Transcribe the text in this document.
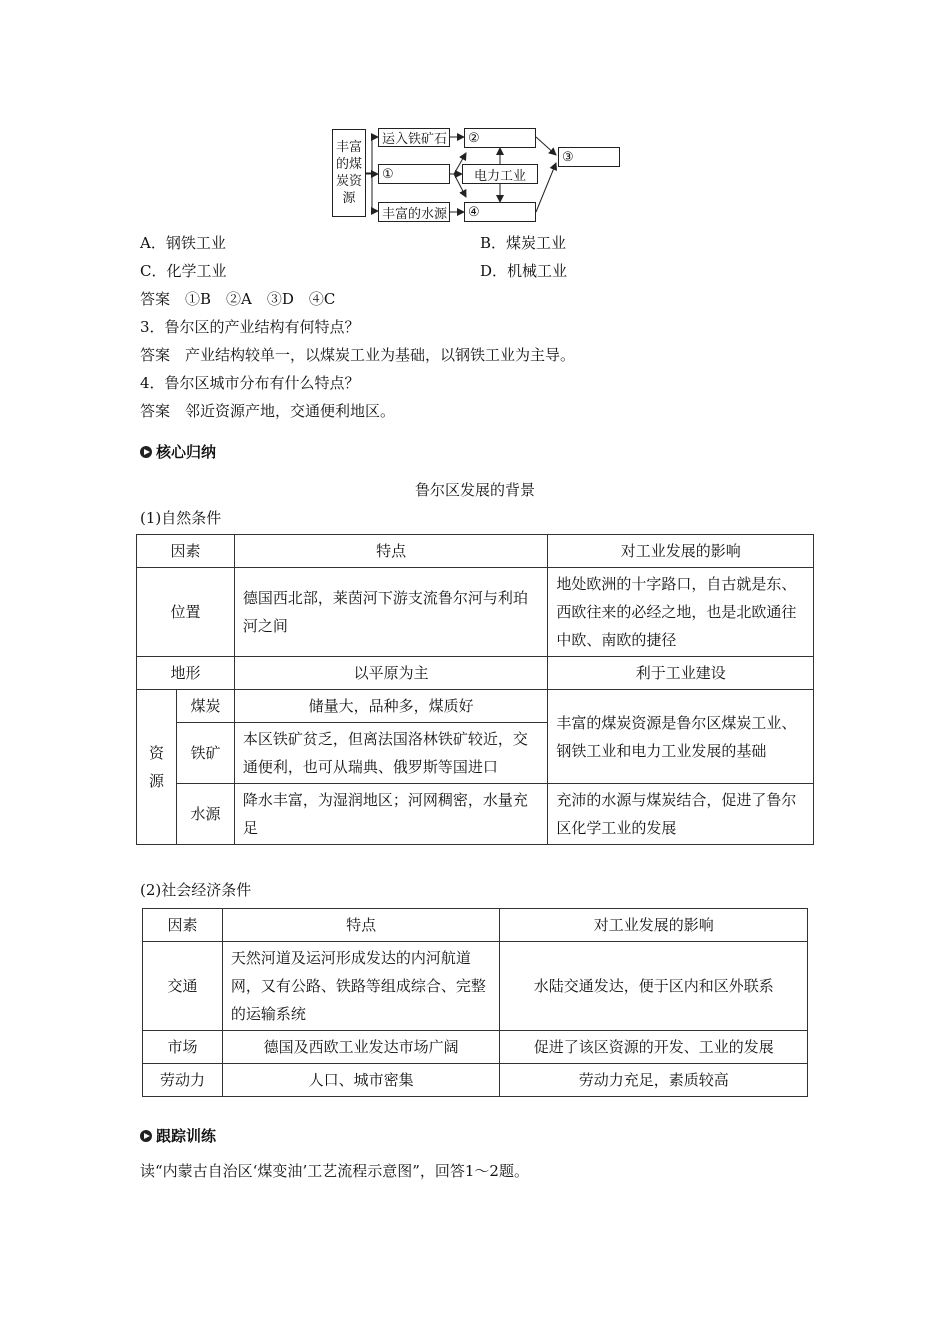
丰富的煤炭资源
运入铁矿石	②
①	电力工业
丰富的水源	④
③
A．钢铁工业	B．煤炭工业
C．化学工业	D．机械工业
答案　①B　②A　③D　④C
3．鲁尔区的产业结构有何特点？
答案　产业结构较单一，以煤炭工业为基础，以钢铁工业为主导。
4．鲁尔区城市分布有什么特点？
答案　邻近资源产地，交通便利地区。
核心归纳
鲁尔区发展的背景
(1)自然条件
因素		特点	对工业发展的影响
位置		德国西北部，莱茵河下游支流鲁尔河与利珀河之间	地处欧洲的十字路口，自古就是东、西欧往来的必经之地，也是北欧通往中欧、南欧的捷径
地形		以平原为主	利于工业建设
资源	煤炭	储量大，品种多，煤质好	丰富的煤炭资源是鲁尔区煤炭工业、钢铁工业和电力工业发展的基础
	铁矿	本区铁矿贫乏，但离法国洛林铁矿较近，交通便利，也可从瑞典、俄罗斯等国进口	
	水源	降水丰富，为湿润地区；河网稠密，水量充足	充沛的水源与煤炭结合，促进了鲁尔区化学工业的发展
(2)社会经济条件
因素	特点	对工业发展的影响
交通	天然河道及运河形成发达的内河航道网，又有公路、铁路等组成综合、完整的运输系统	水陆交通发达，便于区内和区外联系
市场	德国及西欧工业发达市场广阔	促进了该区资源的开发、工业的发展
劳动力	人口、城市密集	劳动力充足，素质较高
跟踪训练
读“内蒙古自治区‘煤变油’工艺流程示意图”，回答1～2题。
